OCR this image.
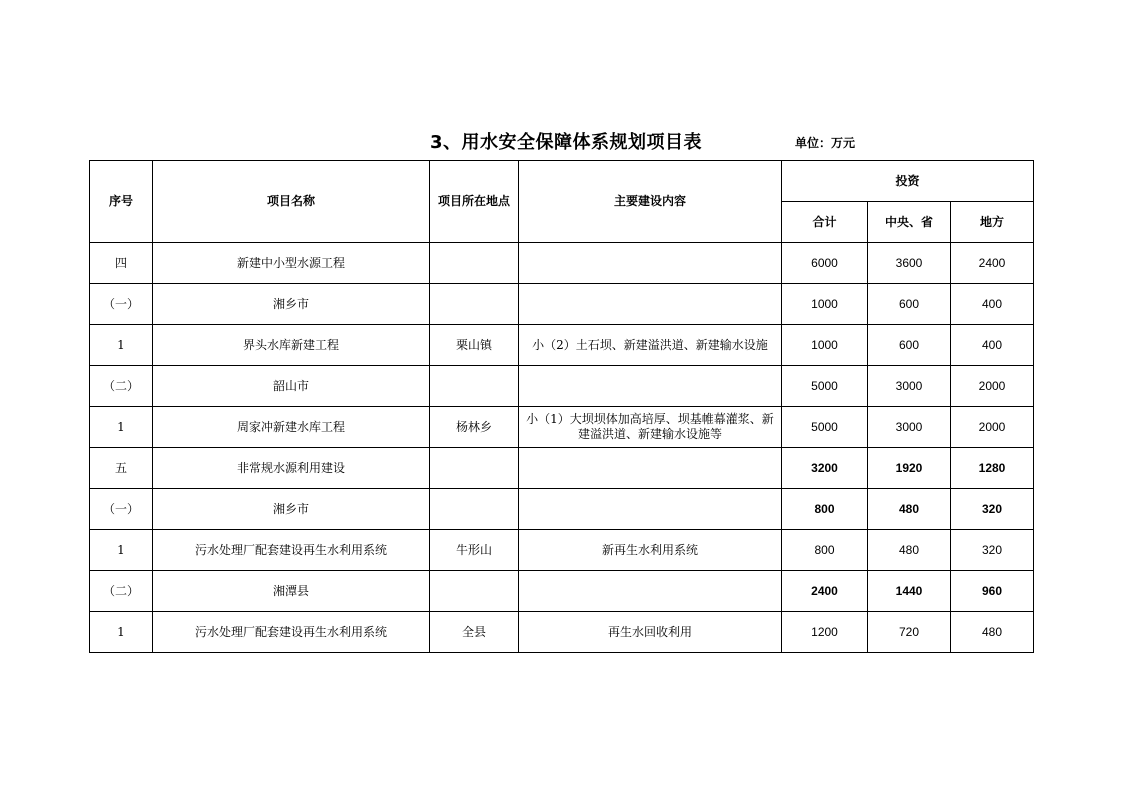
3、用水安全保障体系规划项目表	单位：万元
序号	项目名称	项目所在地点	主要建设内容	投资		
				合计	中央、省	地方
四	新建中小型水源工程			6000	3600	2400
（一）	湘乡市			1000	600	400
1	界头水库新建工程	栗山镇	小（2）土石坝、新建溢洪道、新建输水设施	1000	600	400
（二）	韶山市			5000	3000	2000
1	周家冲新建水库工程	杨林乡	小（1）大坝坝体加高培厚、坝基帷幕灌浆、新建溢洪道、新建输水设施等	5000	3000	2000
五	非常规水源利用建设			3200	1920	1280
（一）	湘乡市			800	480	320
1	污水处理厂配套建设再生水利用系统	牛形山	新再生水利用系统	800	480	320
（二）	湘潭县			2400	1440	960
1	污水处理厂配套建设再生水利用系统	全县	再生水回收利用	1200	720	480
